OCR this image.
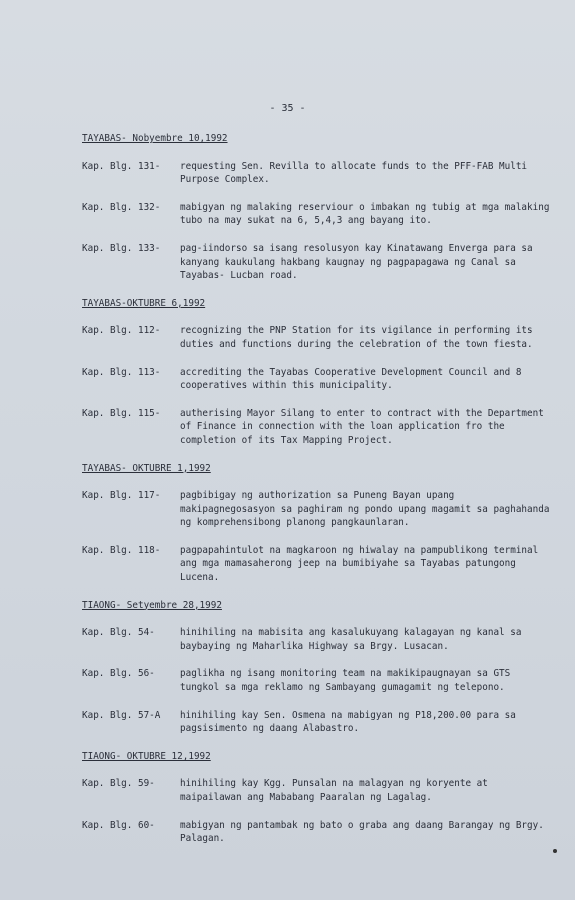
- 35 -
TAYABAS- Nobyembre 10,1992
Kap. Blg. 131-	requesting Sen. Revilla to allocate funds to the PFF-FAB Multi Purpose Complex.
Kap. Blg. 132-	mabigyan ng malaking reserviour o imbakan ng tubig at mga malaking tubo na may sukat na 6, 5,4,3 ang bayang ito.
Kap. Blg. 133-	pag-iindorso sa isang resolusyon kay Kinatawang Enverga para sa kanyang kaukulang hakbang kaugnay ng pagpapagawa ng Canal sa Tayabas- Lucban road.
TAYABAS-OKTUBRE 6,1992
Kap. Blg. 112-	recognizing the PNP Station for its vigilance in performing its duties and functions during the celebration of the town fiesta.
Kap. Blg. 113-	accrediting the Tayabas Cooperative Development Council and 8 cooperatives within this municipality.
Kap. Blg. 115-	autherising Mayor Silang to enter to contract with the Department of Finance in connection with the loan application fro the completion of its Tax Mapping Project.
TAYABAS- OKTUBRE 1,1992
Kap. Blg. 117-	pagbibigay ng authorization sa Puneng Bayan upang makipagnegosasyon sa paghiram ng pondo upang magamit sa paghahanda ng komprehensibong planong pangkaunlaran.
Kap. Blg. 118-	pagpapahintulot na magkaroon ng hiwalay na pampublikong terminal ang mga mamasaherong jeep na bumibiyahe sa Tayabas patungong Lucena.
TIAONG- Setyembre 28,1992
Kap. Blg. 54-	hinihiling na mabisita ang kasalukuyang kalagayan ng kanal sa baybaying ng Maharlika Highway sa Brgy. Lusacan.
Kap. Blg. 56-	paglikha ng isang monitoring team na makikipaugnayan sa GTS tungkol sa mga reklamo ng Sambayang gumagamit ng telepono.
Kap. Blg. 57-A	hinihiling kay Sen. Osmena na mabigyan ng P18,200.00 para sa pagsisimento ng daang Alabastro.
TIAONG- OKTUBRE 12,1992
Kap. Blg. 59-	hinihiling kay Kgg. Punsalan na malagyan ng koryente at maipailawan ang Mababang Paaralan ng Lagalag.
Kap. Blg. 60-	mabigyan ng pantambak ng bato o graba ang daang Barangay ng Brgy. Palagan.
